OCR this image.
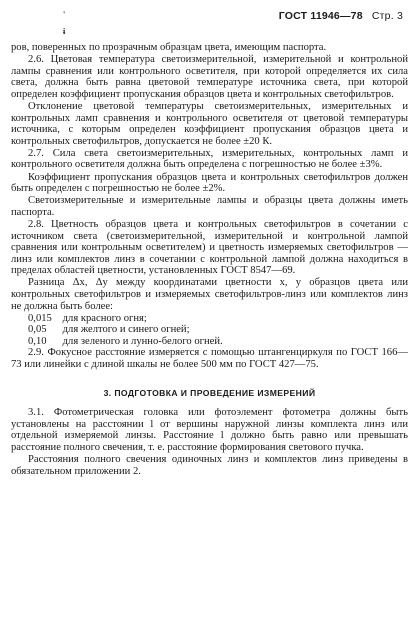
'
ɨ
ГОСТ 11946—78 Стр. 3

ров, поверенных по прозрачным образцам цвета, имеющим паспорта.

2.6. Цветовая температура светоизмерительной, измерительной и контрольной лампы сравнения или контрольного осветителя, при которой определяется их сила света, должна быть равна цветовой температуре источника света, при которой определен коэффициент пропускания образцов цвета и контрольных светофильтров.

Отклонение цветовой температуры светоизмерительных, измерительных и контрольных ламп сравнения и контрольного осветителя от цветовой температуры источника, с которым определен коэффициент пропускания образцов цвета и контрольных светофильтров, допускается не более ±20 К.

2.7. Сила света светоизмерительных, измерительных, контрольных ламп и контрольного осветителя должна быть определена с погрешностью не более ±3%.

Коэффициент пропускания образцов цвета и контрольных светофильтров должен быть определен с погрешностью не более ±2%.

Светоизмерительные и измерительные лампы и образцы цвета должны иметь паспорта.

2.8. Цветность образцов цвета и контрольных светофильтров в сочетании с источником света (светоизмерительной, измерительной и контрольной лампой сравнения или контрольным осветителем) и цветность измеряемых светофильтров — линз или комплектов линз в сочетании с контрольной лампой должна находиться в пределах областей цветности, установленных ГОСТ 8547—69.

Разница Δx, Δy между координатами цветности x, y образцов цвета или контрольных светофильтров и измеряемых светофильтров-линз или комплектов линз не должна быть более:

0,015 для красного огня;
0,05 для желтого и синего огней;
0,10 для зеленого и лунно-белого огней.

2.9. Фокусное расстояние измеряется с помощью штангенциркуля по ГОСТ 166—73 или линейки с длиной шкалы не более 500 мм по ГОСТ 427—75.

3. ПОДГОТОВКА И ПРОВЕДЕНИЕ ИЗМЕРЕНИЙ

3.1. Фотометрическая головка или фотоэлемент фотометра должны быть установлены на расстоянии l от вершины наружной линзы комплекта линз или отдельной измеряемой линзы. Расстояние l должно быть равно или превышать расстояние полного свечения, т. е. расстояние формирования светового пучка.

Расстояния полного свечения одиночных линз и комплектов линз приведены в обязательном приложении 2.
